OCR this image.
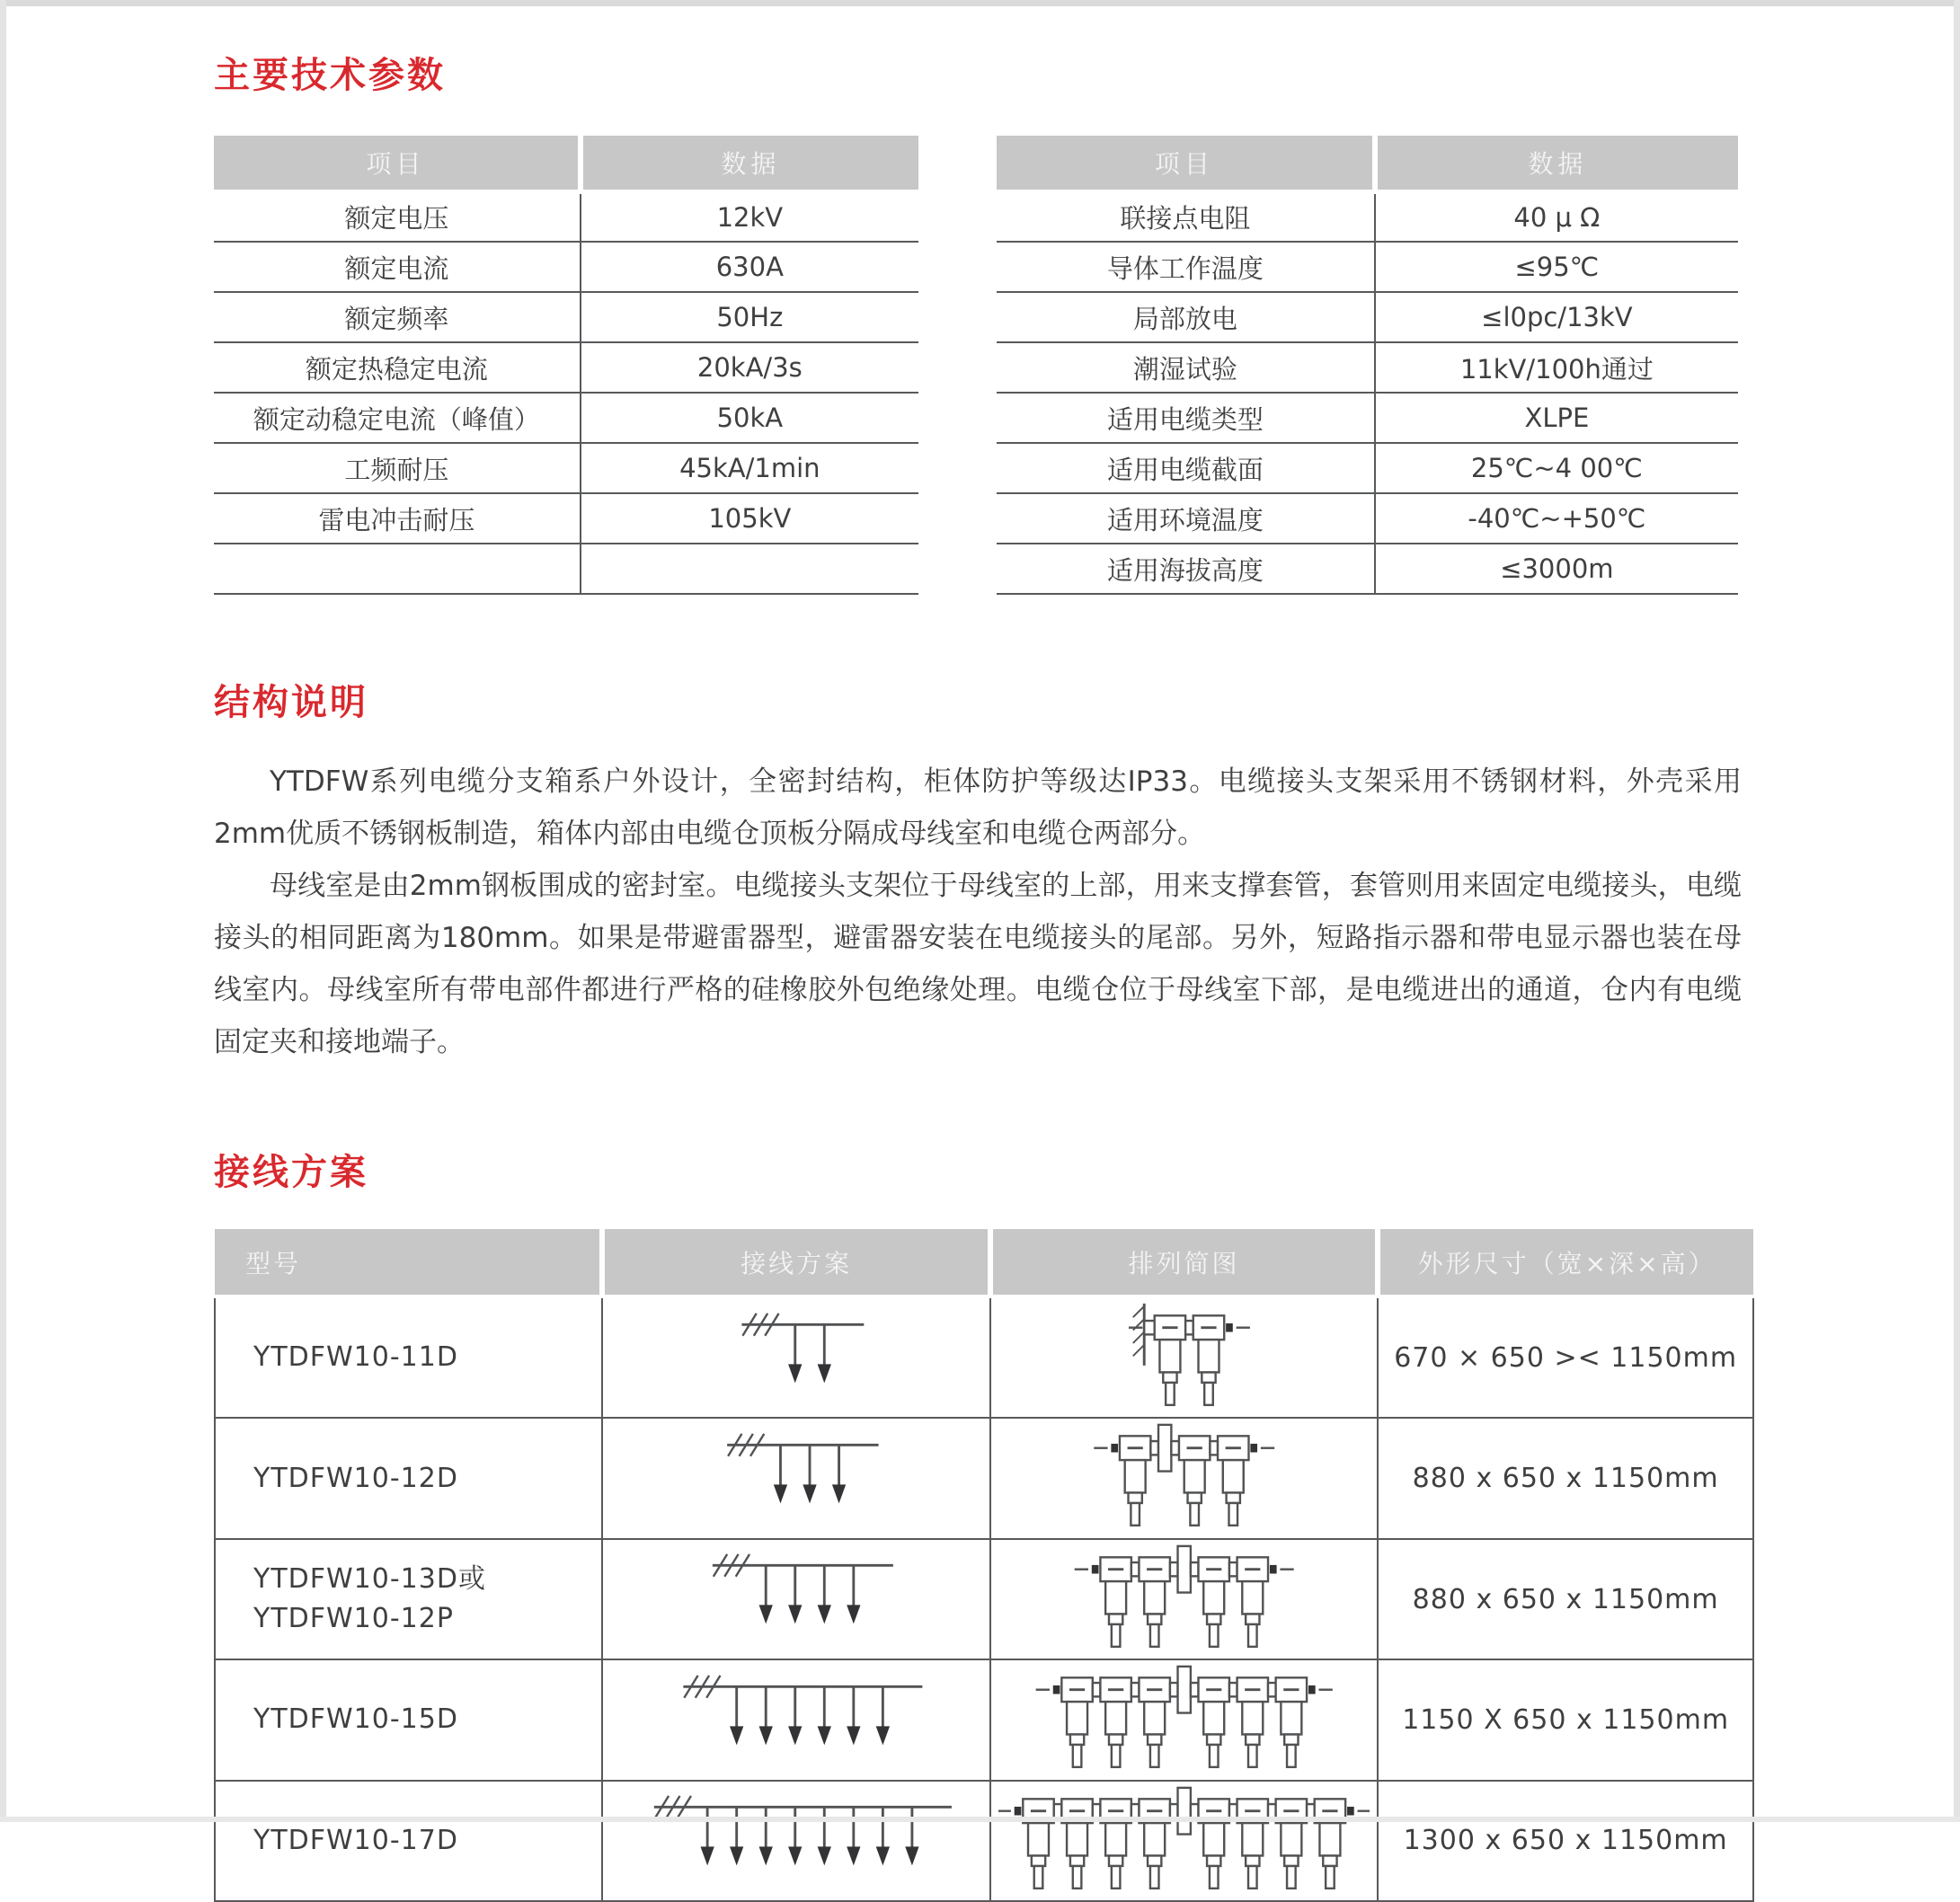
主要技术参数
项目	数据
额定电压	12kV
额定电流	630A
额定频率	50Hz
额定热稳定电流	20kA/3s
额定动稳定电流（峰值）	50kA
工频耐压	45kA/1min
雷电冲击耐压	105kV

项目	数据
联接点电阻	40 μ Ω
导体工作温度	≤95℃
局部放电	≤l0pc/13kV
潮湿试验	11kV/100h通过
适用电缆类型	XLPE
适用电缆截面	25℃~4 00℃
适用环境温度	-40℃~+50℃
适用海拔高度	≤3000m
结构说明

YTDFW系列电缆分支箱系户外设计，全密封结构，柜体防护等级达IP33。电缆接头支架采用不锈钢材料，外壳采用2mm优质不锈钢板制造，箱体内部由电缆仓顶板分隔成母线室和电缆仓两部分。

母线室是由2mm钢板围成的密封室。电缆接头支架位于母线室的上部，用来支撑套管，套管则用来固定电缆接头，电缆接头的相同距离为180mm。如果是带避雷器型，避雷器安装在电缆接头的尾部。另外，短路指示器和带电显示器也装在母线室内。母线室所有带电部件都进行严格的硅橡胶外包绝缘处理。电缆仓位于母线室下部，是电缆进出的通道，仓内有电缆固定夹和接地端子。

接线方案
型号	接线方案	排列简图	外形尺寸（宽×深×高）

YTDFW10-11D			670 × 650 >< 1150mm

YTDFW10-12D			880 x 650 x 1150mm

YTDFW10-13D或
YTDFW10-12P			880 x 650 x 1150mm

YTDFW10-15D			1150 X 650 x 1150mm

YTDFW10-17D			1300 x 650 x 1150mm
